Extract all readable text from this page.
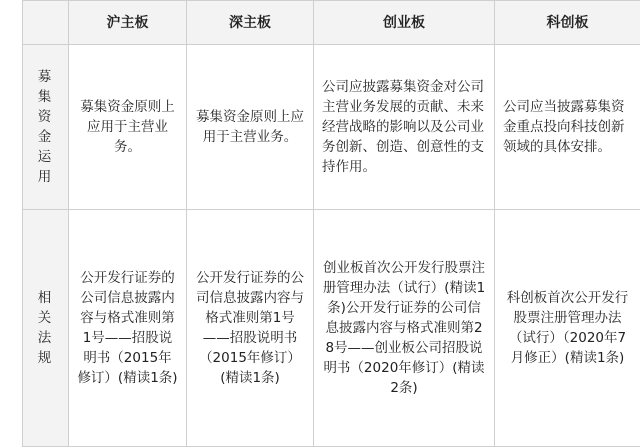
	沪主板	深主板	创业板	科创板
募集资金运用	募集资金原则上应用于主营业务。	募集资金原则上应用于主营业务。	公司应披露募集资金对公司主营业务发展的贡献、未来经营战略的影响以及公司业务创新、创造、创意性的支持作用。	公司应当披露募集资金重点投向科技创新领域的具体安排。
相关法规	公开发行证券的公司信息披露内容与格式准则第1号——招股说明书（2015年修订）(精读1条)	公开发行证券的公司信息披露内容与格式准则第1号——招股说明书（2015年修订）(精读1条)	创业板首次公开发行股票注册管理办法（试行）(精读1条)公开发行证券的公司信息披露内容与格式准则第28号——创业板公司招股说明书（2020年修订）(精读2条)	科创板首次公开发行股票注册管理办法（试行）（2020年7月修正）(精读1条)
